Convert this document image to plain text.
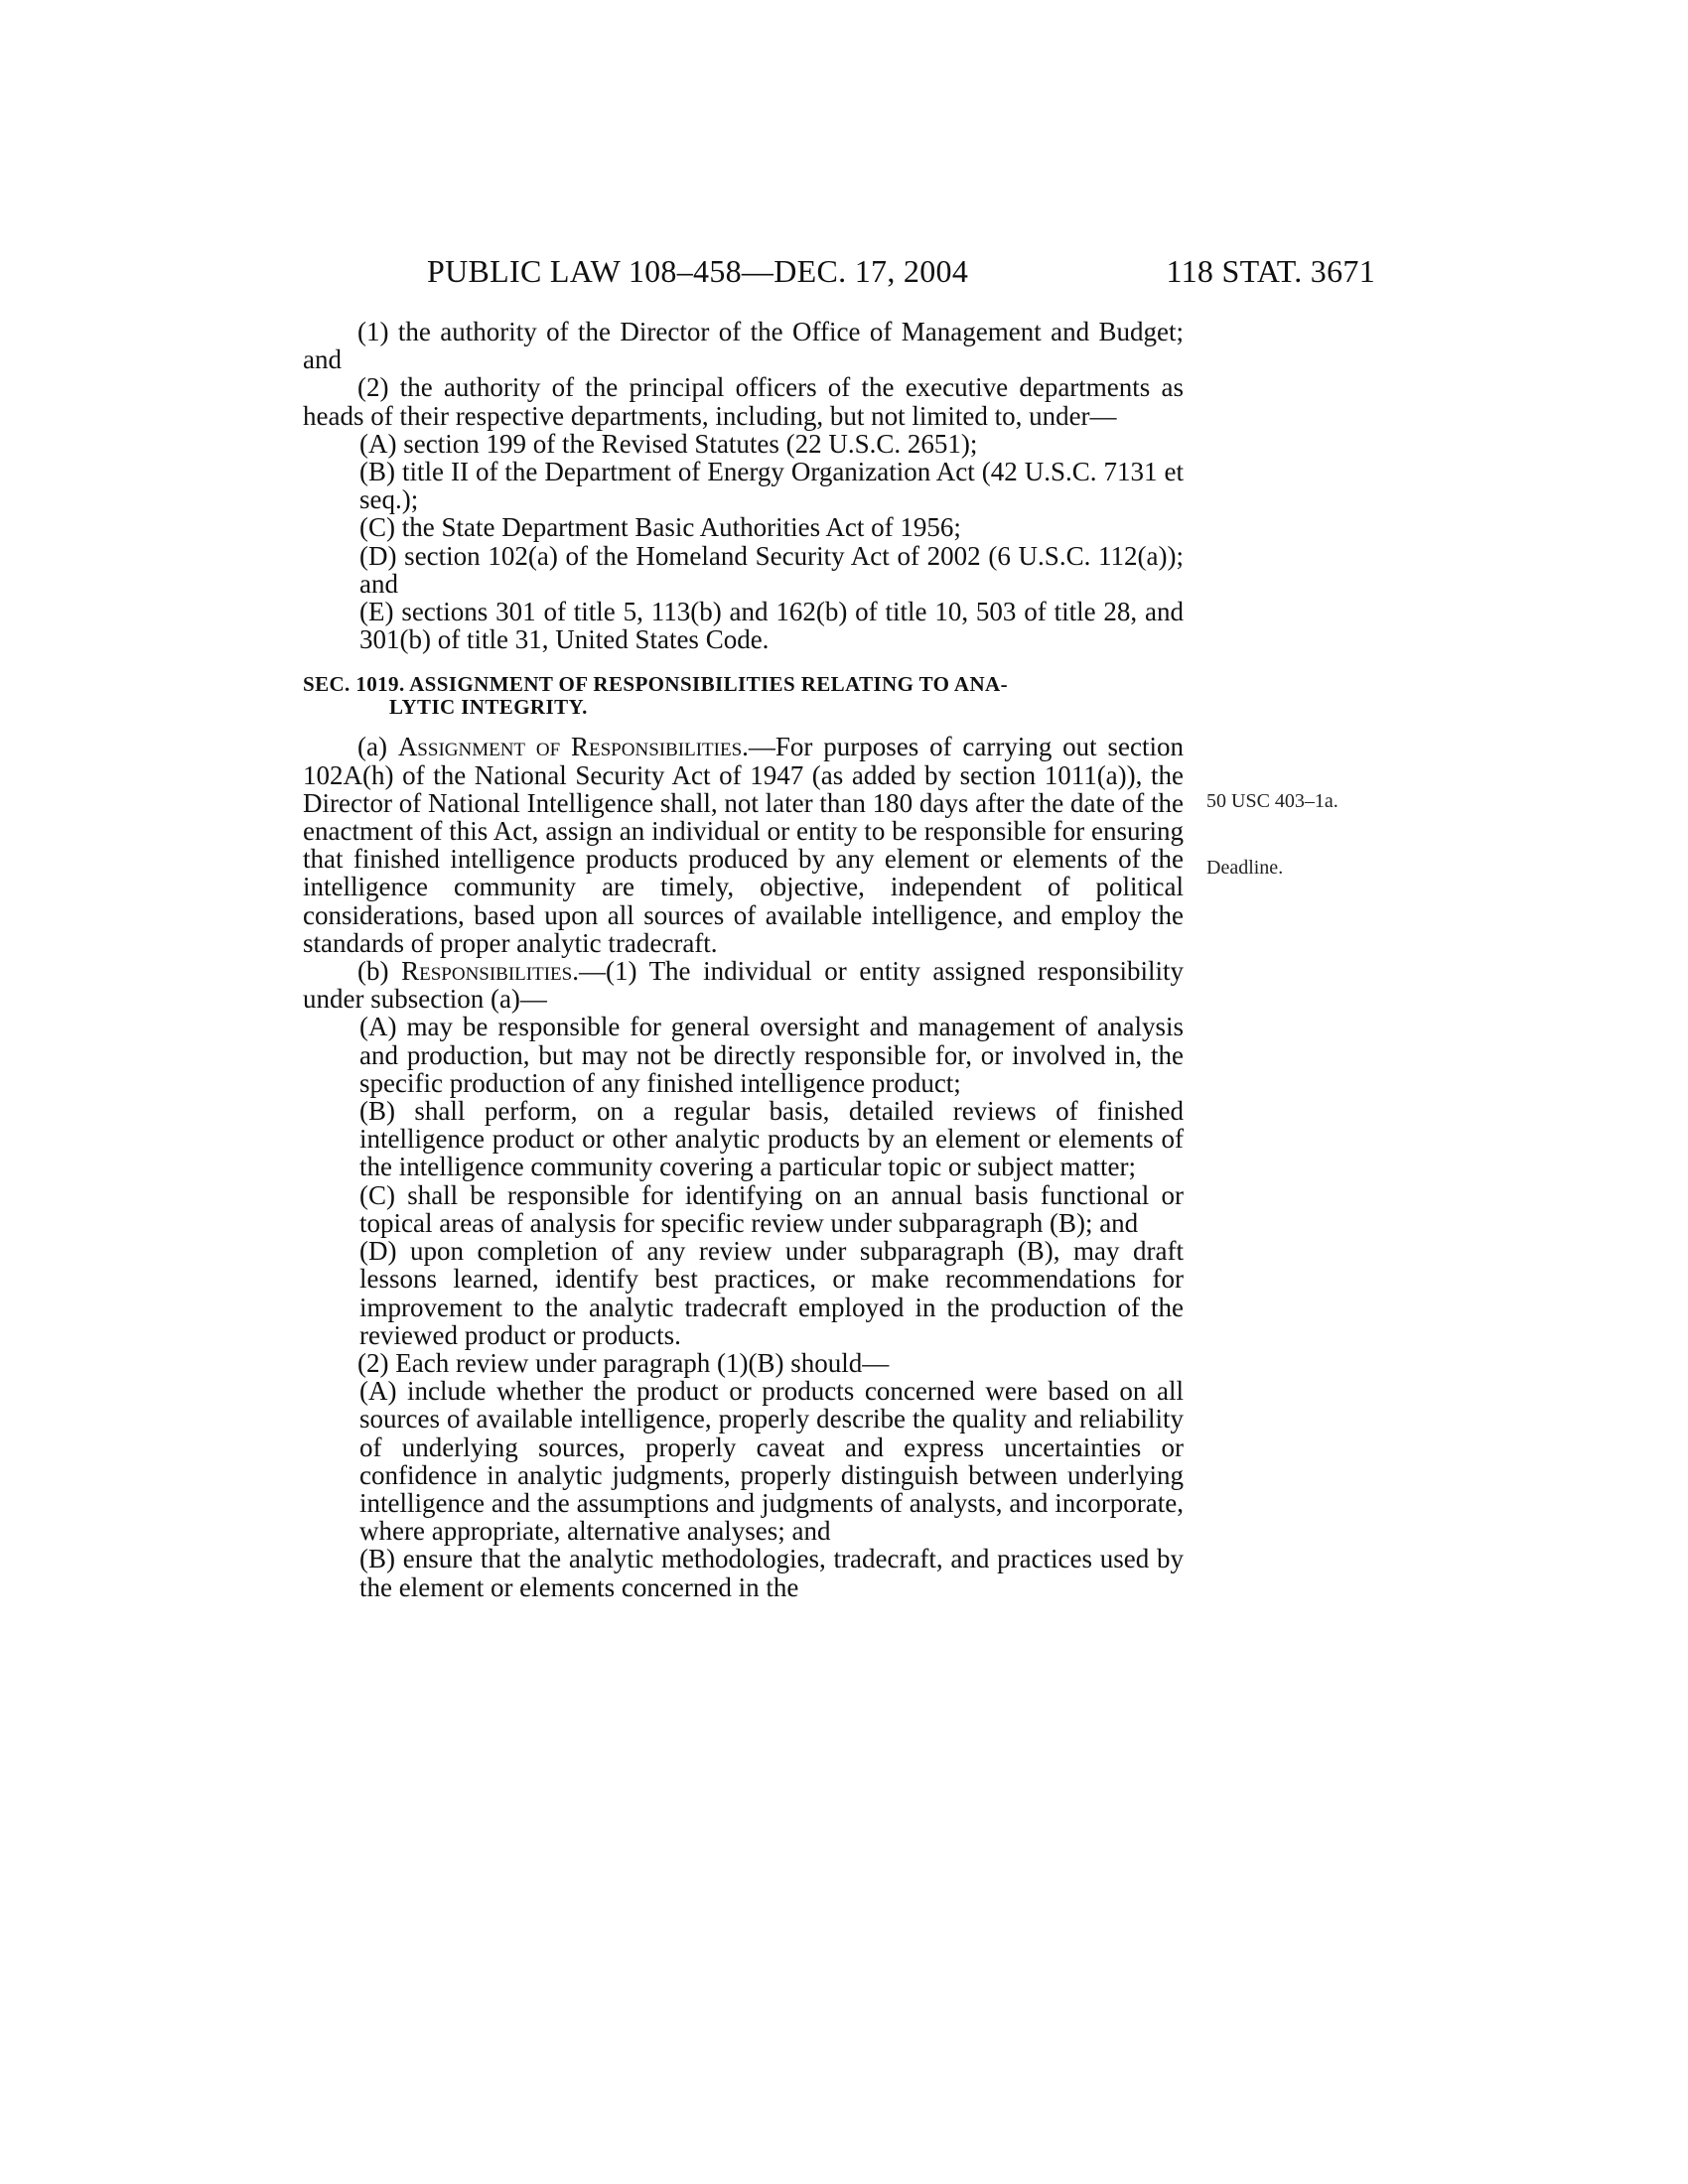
PUBLIC LAW 108–458—DEC. 17, 2004	118 STAT. 3671
50 USC 403–1a.
Deadline.

(1) the authority of the Director of the Office of Management and Budget; and

(2) the authority of the principal officers of the executive departments as heads of their respective departments, including, but not limited to, under—

(A) section 199 of the Revised Statutes (22 U.S.C. 2651);

(B) title II of the Department of Energy Organization Act (42 U.S.C. 7131 et seq.);

(C) the State Department Basic Authorities Act of 1956;

(D) section 102(a) of the Homeland Security Act of 2002 (6 U.S.C. 112(a)); and

(E) sections 301 of title 5, 113(b) and 162(b) of title 10, 503 of title 28, and 301(b) of title 31, United States Code.

SEC. 1019. ASSIGNMENT OF RESPONSIBILITIES RELATING TO ANA-
LYTIC INTEGRITY.

(a) Assignment of Responsibilities.—For purposes of carrying out section 102A(h) of the National Security Act of 1947 (as added by section 1011(a)), the Director of National Intelligence shall, not later than 180 days after the date of the enactment of this Act, assign an individual or entity to be responsible for ensuring that finished intelligence products produced by any element or elements of the intelligence community are timely, objective, independent of political considerations, based upon all sources of available intelligence, and employ the standards of proper analytic tradecraft.

(b) Responsibilities.—(1) The individual or entity assigned responsibility under subsection (a)—

(A) may be responsible for general oversight and management of analysis and production, but may not be directly responsible for, or involved in, the specific production of any finished intelligence product;

(B) shall perform, on a regular basis, detailed reviews of finished intelligence product or other analytic products by an element or elements of the intelligence community covering a particular topic or subject matter;

(C) shall be responsible for identifying on an annual basis functional or topical areas of analysis for specific review under subparagraph (B); and

(D) upon completion of any review under subparagraph (B), may draft lessons learned, identify best practices, or make recommendations for improvement to the analytic tradecraft employed in the production of the reviewed product or products.

(2) Each review under paragraph (1)(B) should—

(A) include whether the product or products concerned were based on all sources of available intelligence, properly describe the quality and reliability of underlying sources, properly caveat and express uncertainties or confidence in analytic judgments, properly distinguish between underlying intelligence and the assumptions and judgments of analysts, and incorporate, where appropriate, alternative analyses; and

(B) ensure that the analytic methodologies, tradecraft, and practices used by the element or elements concerned in the
